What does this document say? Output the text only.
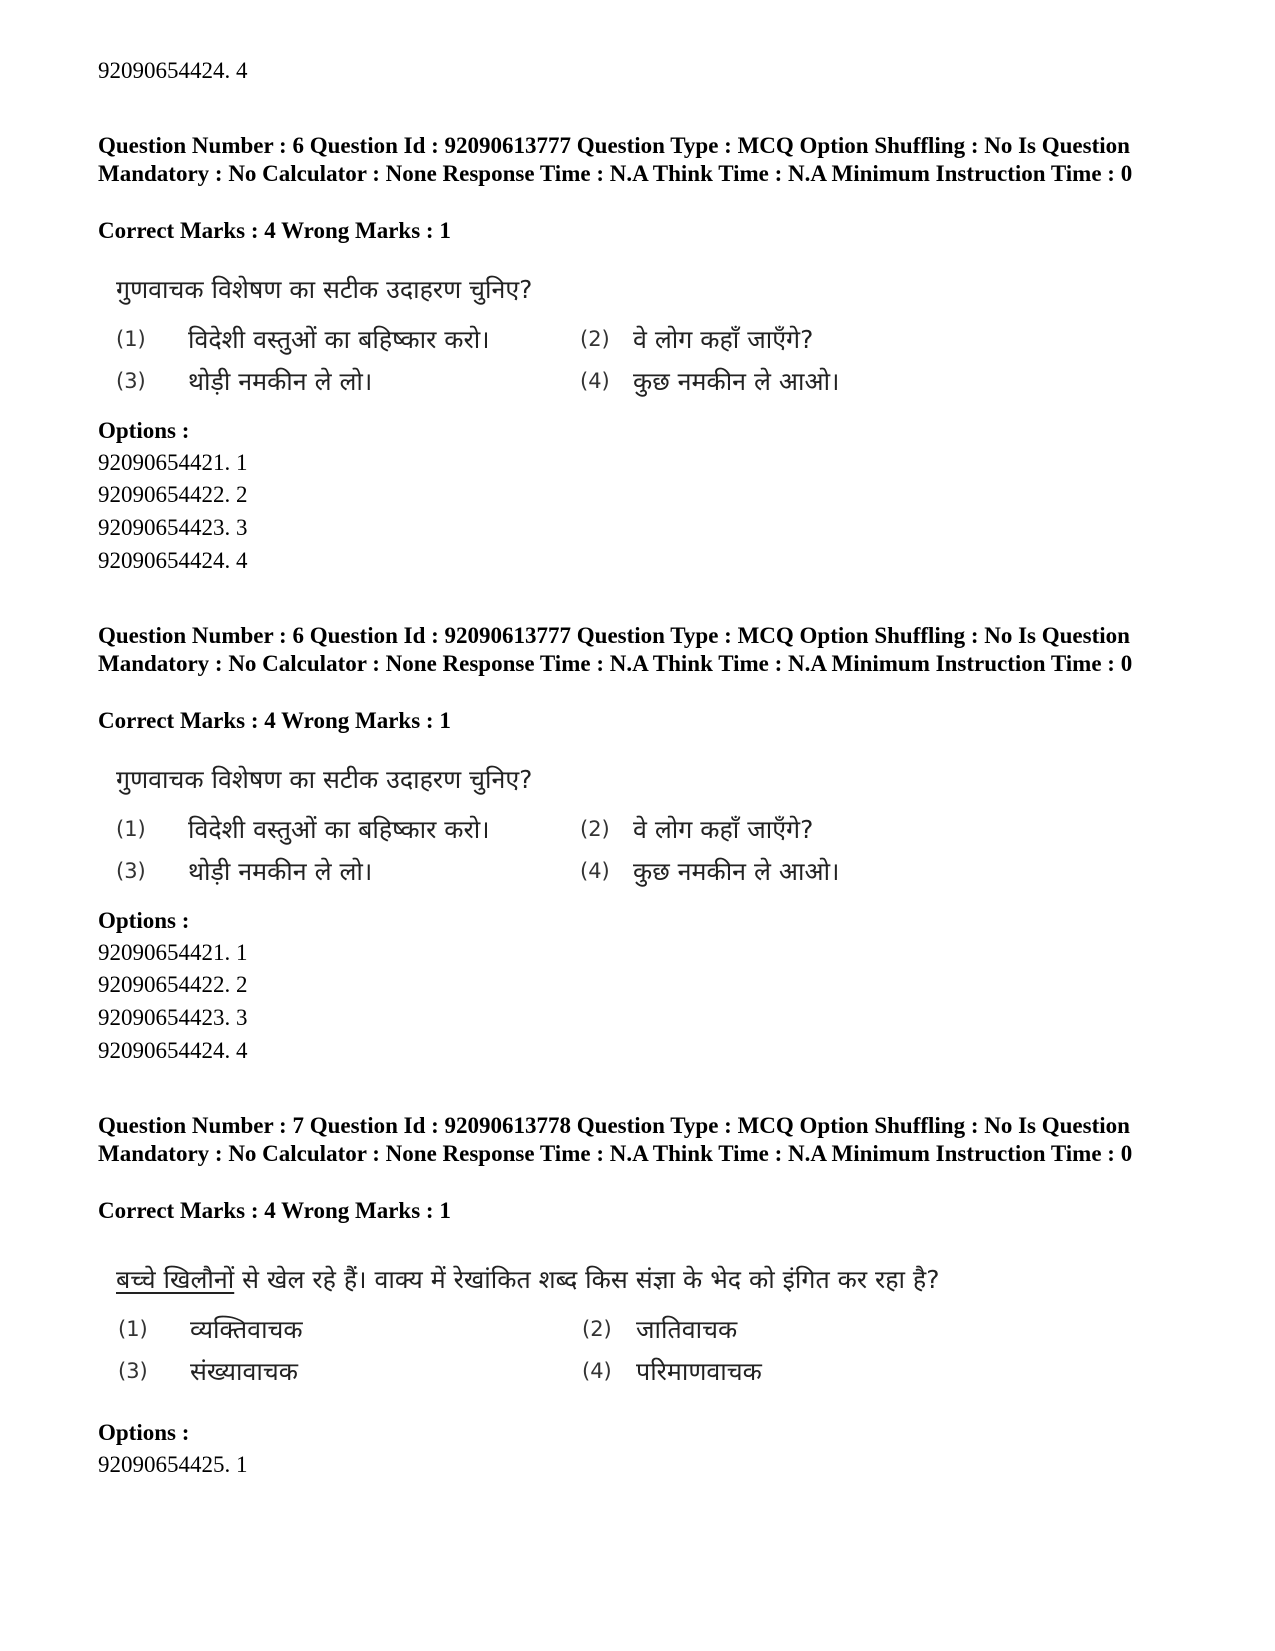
92090654424. 4
Question Number : 6 Question Id : 92090613777 Question Type : MCQ Option Shuffling : No Is Question Mandatory : No Calculator : None Response Time : N.A Think Time : N.A Minimum Instruction Time : 0
Correct Marks : 4 Wrong Marks : 1
गुणवाचक विशेषण का सटीक उदाहरण चुनिए?
(1) विदेशी वस्तुओं का बहिष्कार करो।	(2) वे लोग कहाँ जाएँगे?
(3) थोड़ी नमकीन ले लो।	(4) कुछ नमकीन ले आओ।
Options :
92090654421. 1
92090654422. 2
92090654423. 3
92090654424. 4
Question Number : 6 Question Id : 92090613777 Question Type : MCQ Option Shuffling : No Is Question Mandatory : No Calculator : None Response Time : N.A Think Time : N.A Minimum Instruction Time : 0
Correct Marks : 4 Wrong Marks : 1
गुणवाचक विशेषण का सटीक उदाहरण चुनिए?
(1) विदेशी वस्तुओं का बहिष्कार करो।	(2) वे लोग कहाँ जाएँगे?
(3) थोड़ी नमकीन ले लो।	(4) कुछ नमकीन ले आओ।
Options :
92090654421. 1
92090654422. 2
92090654423. 3
92090654424. 4
Question Number : 7 Question Id : 92090613778 Question Type : MCQ Option Shuffling : No Is Question Mandatory : No Calculator : None Response Time : N.A Think Time : N.A Minimum Instruction Time : 0
Correct Marks : 4 Wrong Marks : 1
बच्चे खिलौनों से खेल रहे हैं। वाक्य में रेखांकित शब्द किस संज्ञा के भेद को इंगित कर रहा है?
(1) व्यक्तिवाचक	(2) जातिवाचक
(3) संख्यावाचक	(4) परिमाणवाचक
Options :
92090654425. 1
